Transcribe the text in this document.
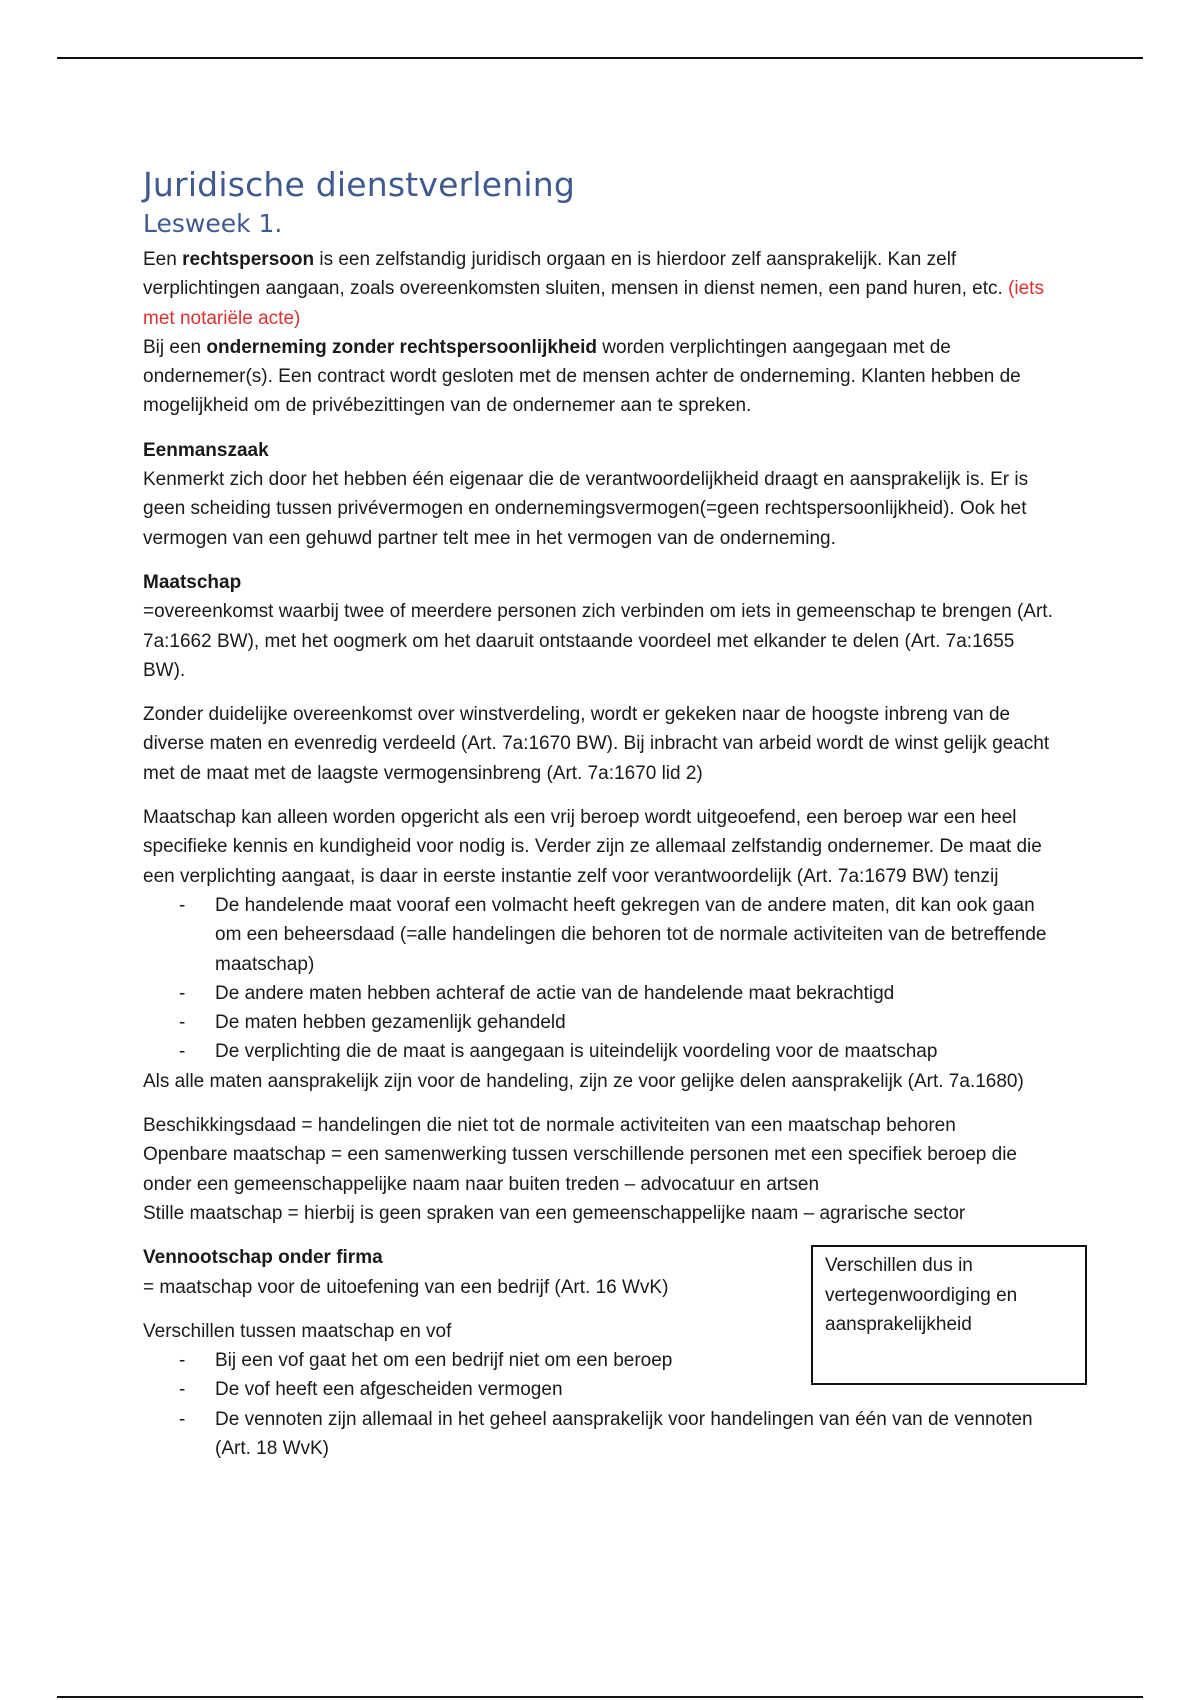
Juridische dienstverlening
Lesweek 1.

Een rechtspersoon is een zelfstandig juridisch orgaan en is hierdoor zelf aansprakelijk. Kan zelf verplichtingen aangaan, zoals overeenkomsten sluiten, mensen in dienst nemen, een pand huren, etc. (iets met notariële acte)

Bij een onderneming zonder rechtspersoonlijkheid worden verplichtingen aangegaan met de ondernemer(s). Een contract wordt gesloten met de mensen achter de onderneming. Klanten hebben de mogelijkheid om de privébezittingen van de ondernemer aan te spreken.

Eenmanszaak

Kenmerkt zich door het hebben één eigenaar die de verantwoordelijkheid draagt en aansprakelijk is. Er is geen scheiding tussen privévermogen en ondernemingsvermogen(=geen rechtspersoonlijkheid). Ook het vermogen van een gehuwd partner telt mee in het vermogen van de onderneming.

Maatschap

=overeenkomst waarbij twee of meerdere personen zich verbinden om iets in gemeenschap te brengen (Art. 7a:1662 BW), met het oogmerk om het daaruit ontstaande voordeel met elkander te delen (Art. 7a:1655 BW).

Zonder duidelijke overeenkomst over winstverdeling, wordt er gekeken naar de hoogste inbreng van de diverse maten en evenredig verdeeld (Art. 7a:1670 BW). Bij inbracht van arbeid wordt de winst gelijk geacht met de maat met de laagste vermogensinbreng (Art. 7a:1670 lid 2)

Maatschap kan alleen worden opgericht als een vrij beroep wordt uitgeoefend, een beroep war een heel specifieke kennis en kundigheid voor nodig is. Verder zijn ze allemaal zelfstandig ondernemer. De maat die een verplichting aangaat, is daar in eerste instantie zelf voor verantwoordelijk (Art. 7a:1679 BW) tenzij

- De handelende maat vooraf een volmacht heeft gekregen van de andere maten, dit kan ook gaan om een beheersdaad (=alle handelingen die behoren tot de normale activiteiten van de betreffende maatschap)
- De andere maten hebben achteraf de actie van de handelende maat bekrachtigd
- De maten hebben gezamenlijk gehandeld
- De verplichting die de maat is aangegaan is uiteindelijk voordeling voor de maatschap

Als alle maten aansprakelijk zijn voor de handeling, zijn ze voor gelijke delen aansprakelijk (Art. 7a.1680)

Beschikkingsdaad = handelingen die niet tot de normale activiteiten van een maatschap behoren

Openbare maatschap = een samenwerking tussen verschillende personen met een specifiek beroep die onder een gemeenschappelijke naam naar buiten treden – advocatuur en artsen

Stille maatschap = hierbij is geen spraken van een gemeenschappelijke naam – agrarische sector

Vennootschap onder firma

= maatschap voor de uitoefening van een bedrijf (Art. 16 WvK)

Verschillen tussen maatschap en vof

- Bij een vof gaat het om een bedrijf niet om een beroep
- De vof heeft een afgescheiden vermogen
- De vennoten zijn allemaal in het geheel aansprakelijk voor handelingen van één van de vennoten (Art. 18 WvK)
Verschillen dus in vertegenwoordiging en aansprakelijkheid
